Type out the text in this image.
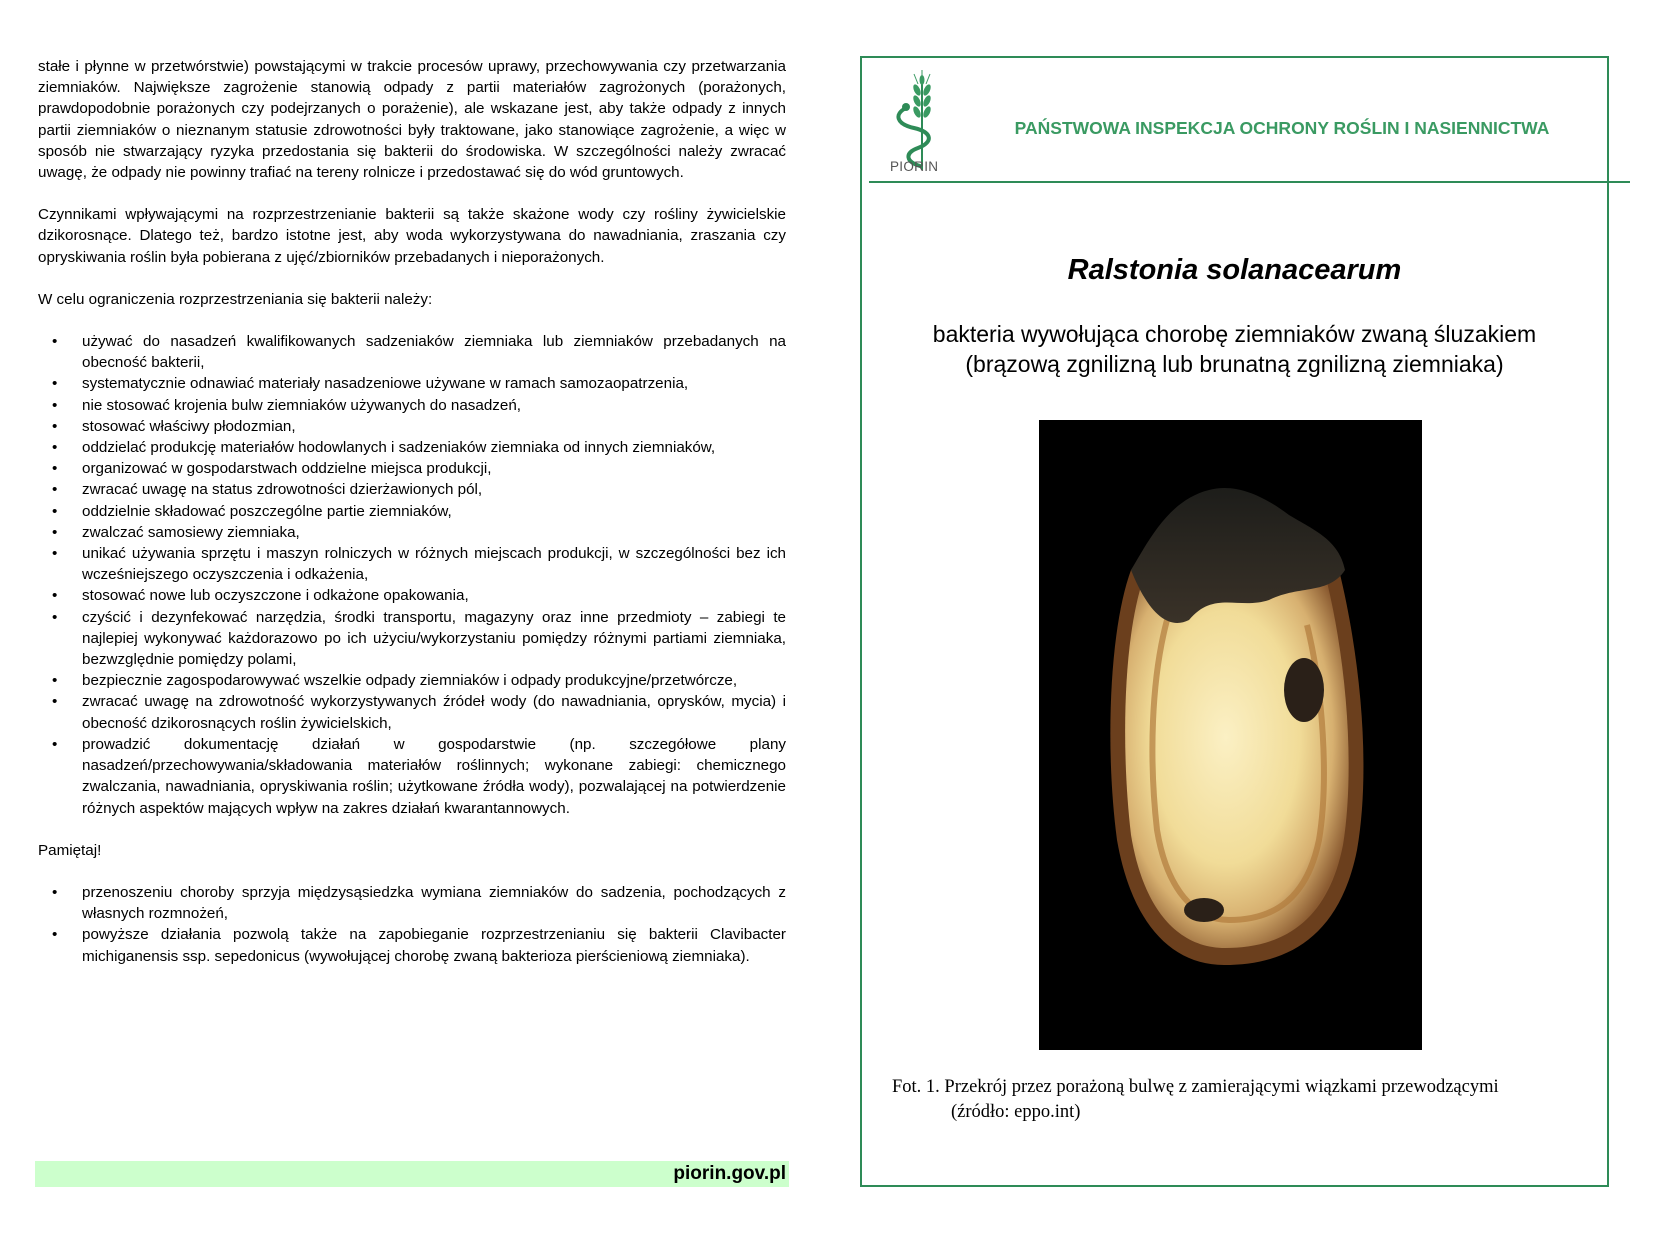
stałe i płynne w przetwórstwie) powstającymi w trakcie procesów uprawy, przechowywania czy przetwarzania ziemniaków. Największe zagrożenie stanowią odpady z partii materiałów zagrożonych (porażonych, prawdopodobnie porażonych czy podejrzanych o porażenie), ale wskazane jest, aby także odpady z innych partii ziemniaków o nieznanym statusie zdrowotności były traktowane, jako stanowiące zagrożenie, a więc w sposób nie stwarzający ryzyka przedostania się bakterii do środowiska. W szczególności należy zwracać uwagę, że odpady nie powinny trafiać na tereny rolnicze i przedostawać się do wód gruntowych.

Czynnikami wpływającymi na rozprzestrzenianie bakterii są także skażone wody czy rośliny żywicielskie dzikorosnące. Dlatego też, bardzo istotne jest, aby woda wykorzystywana do nawadniania, zraszania czy opryskiwania roślin była pobierana z ujęć/zbiorników przebadanych i nieporażonych.

W celu ograniczenia rozprzestrzeniania się bakterii należy:

• używać do nasadzeń kwalifikowanych sadzeniaków ziemniaka lub ziemniaków przebadanych na obecność bakterii,
• systematycznie odnawiać materiały nasadzeniowe używane w ramach samozaopatrzenia,
• nie stosować krojenia bulw ziemniaków używanych do nasadzeń,
• stosować właściwy płodozmian,
• oddzielać produkcję materiałów hodowlanych i sadzeniaków ziemniaka od innych ziemniaków,
• organizować w gospodarstwach oddzielne miejsca produkcji,
• zwracać uwagę na status zdrowotności dzierżawionych pól,
• oddzielnie składować poszczególne partie ziemniaków,
• zwalczać samosiewy ziemniaka,
• unikać używania sprzętu i maszyn rolniczych w różnych miejscach produkcji, w szczególności bez ich wcześniejszego oczyszczenia i odkażenia,
• stosować nowe lub oczyszczone i odkażone opakowania,
• czyścić i dezynfekować narzędzia, środki transportu, magazyny oraz inne przedmioty – zabiegi te najlepiej wykonywać każdorazowo po ich użyciu/wykorzystaniu pomiędzy różnymi partiami ziemniaka, bezwzględnie pomiędzy polami,
• bezpiecznie zagospodarowywać wszelkie odpady ziemniaków i odpady produkcyjne/przetwórcze,
• zwracać uwagę na zdrowotność wykorzystywanych źródeł wody (do nawadniania, oprysków, mycia) i obecność dzikorosnących roślin żywicielskich,
• prowadzić dokumentację działań w gospodarstwie (np. szczegółowe plany nasadzeń/przechowywania/składowania materiałów roślinnych; wykonane zabiegi: chemicznego zwalczania, nawadniania, opryskiwania roślin; użytkowane źródła wody), pozwalającej na potwierdzenie różnych aspektów mających wpływ na zakres działań kwarantannowych.

Pamiętaj!

• przenoszeniu choroby sprzyja międzysąsiedzka wymiana ziemniaków do sadzenia, pochodzących z własnych rozmnożeń,
• powyższe działania pozwolą także na zapobieganie rozprzestrzenianiu się bakterii Clavibacter michiganensis ssp. sepedonicus (wywołującej chorobę zwaną bakterioza pierścieniową ziemniaka).
piorin.gov.pl
PIORIN
PAŃSTWOWA INSPEKCJA OCHRONY ROŚLIN I NASIENNICTWA
Ralstonia solanacearum
bakteria wywołująca chorobę ziemniaków zwaną śluzakiem
(brązową zgnilizną lub brunatną zgnilizną ziemniaka)
Fot. 1. Przekrój przez porażoną bulwę z zamierającymi wiązkami przewodzącymi
(źródło: eppo.int)
